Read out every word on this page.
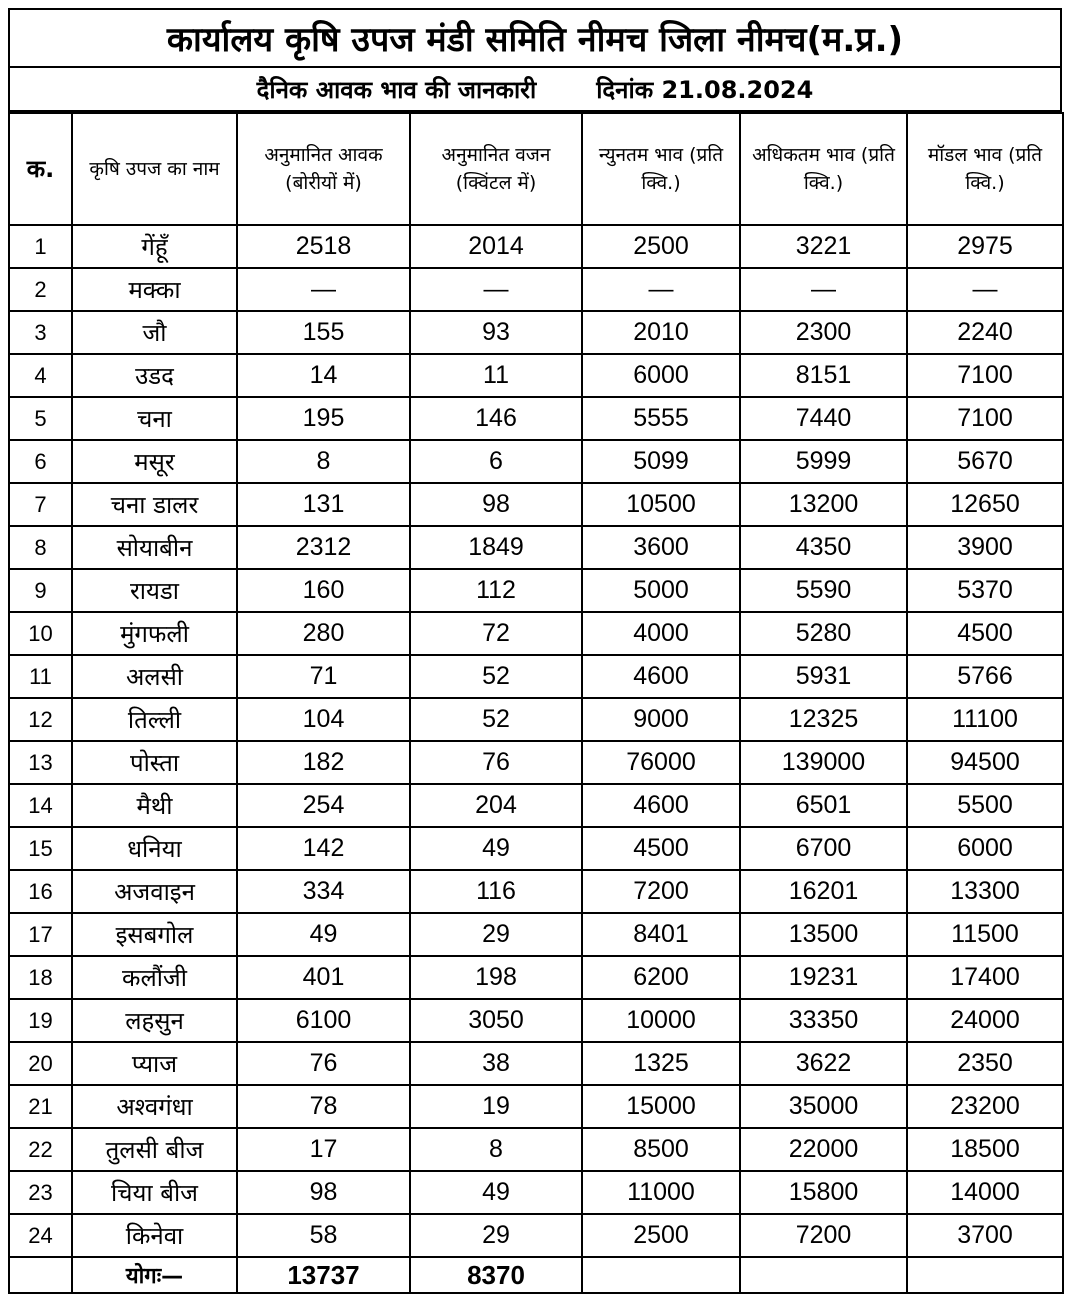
कार्यालय कृषि उपज मंडी समिति नीमच जिला नीमच(म.प्र.)
दैनिक आवक भाव की जानकारी	दिनांक 21.08.2024
क.	कृषि उपज का नाम	अनुमानित आवक (बोरीयों में)	अनुमानित वजन (क्विंटल में)	न्युनतम भाव (प्रति क्वि.)	अधिकतम भाव (प्रति क्वि.)	मॉडल भाव (प्रति क्वि.)
1	गेंहूँ	2518	2014	2500	3221	2975
2	मक्का	—	—	—	—	—
3	जौ	155	93	2010	2300	2240
4	उडद	14	11	6000	8151	7100
5	चना	195	146	5555	7440	7100
6	मसूर	8	6	5099	5999	5670
7	चना डालर	131	98	10500	13200	12650
8	सोयाबीन	2312	1849	3600	4350	3900
9	रायडा	160	112	5000	5590	5370
10	मुंगफली	280	72	4000	5280	4500
11	अलसी	71	52	4600	5931	5766
12	तिल्ली	104	52	9000	12325	11100
13	पोस्ता	182	76	76000	139000	94500
14	मैथी	254	204	4600	6501	5500
15	धनिया	142	49	4500	6700	6000
16	अजवाइन	334	116	7200	16201	13300
17	इसबगोल	49	29	8401	13500	11500
18	कलौंजी	401	198	6200	19231	17400
19	लहसुन	6100	3050	10000	33350	24000
20	प्याज	76	38	1325	3622	2350
21	अश्वगंधा	78	19	15000	35000	23200
22	तुलसी बीज	17	8	8500	22000	18500
23	चिया बीज	98	49	11000	15800	14000
24	किनेवा	58	29	2500	7200	3700
	योगः—	13737	8370			
